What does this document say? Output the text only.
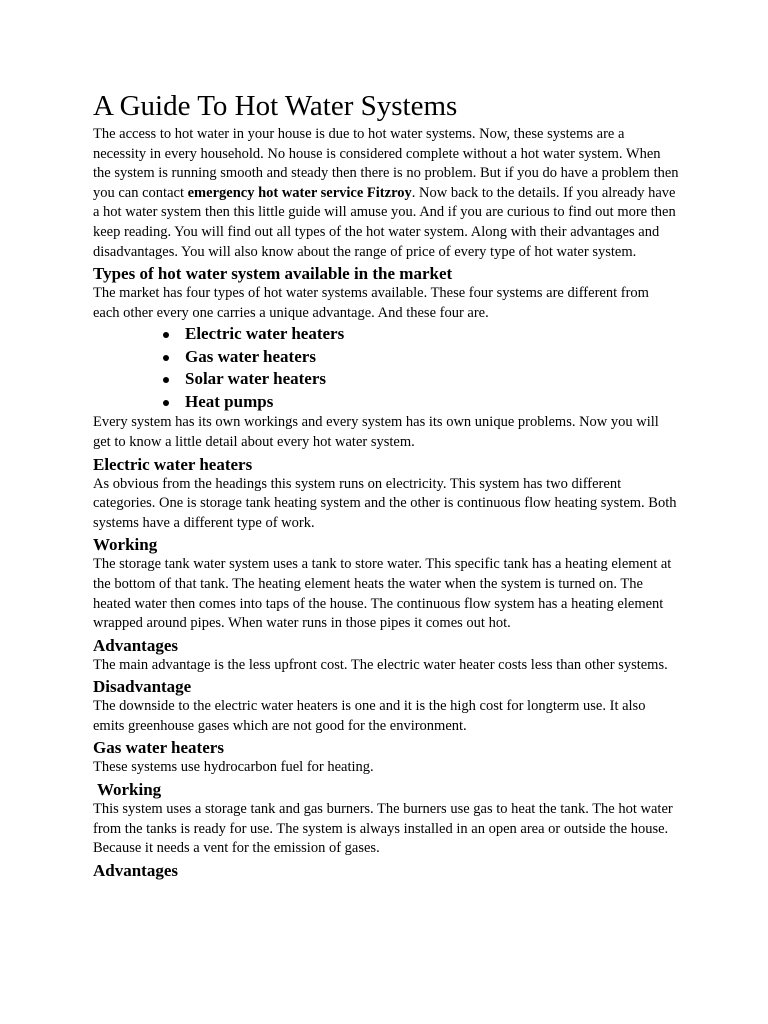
A Guide To Hot Water Systems

The access to hot water in your house is due to hot water systems. Now, these systems are a necessity in every household. No house is considered complete without a hot water system. When the system is running smooth and steady then there is no problem. But if you do have a problem then you can contact emergency hot water service Fitzroy. Now back to the details. If you already have a hot water system then this little guide will amuse you. And if you are curious to find out more then keep reading. You will find out all types of the hot water system. Along with their advantages and disadvantages. You will also know about the range of price of every type of hot water system.

Types of hot water system available in the market

The market has four types of hot water systems available. These four systems are different from each other every one carries a unique advantage. And these four are.

Electric water heaters
Gas water heaters
Solar water heaters
Heat pumps

Every system has its own workings and every system has its own unique problems. Now you will get to know a little detail about every hot water system.

Electric water heaters

As obvious from the headings this system runs on electricity. This system has two different categories. One is storage tank heating system and the other is continuous flow heating system. Both systems have a different type of work.

Working

The storage tank water system uses a tank to store water. This specific tank has a heating element at the bottom of that tank. The heating element heats the water when the system is turned on. The heated water then comes into taps of the house. The continuous flow system has a heating element wrapped around pipes. When water runs in those pipes it comes out hot.

Advantages

The main advantage is the less upfront cost. The electric water heater costs less than other systems.

Disadvantage

The downside to the electric water heaters is one and it is the high cost for longterm use. It also emits greenhouse gases which are not good for the environment.

Gas water heaters

These systems use hydrocarbon fuel for heating.

Working

This system uses a storage tank and gas burners. The burners use gas to heat the tank. The hot water from the tanks is ready for use. The system is always installed in an open area or outside the house. Because it needs a vent for the emission of gases.

Advantages
